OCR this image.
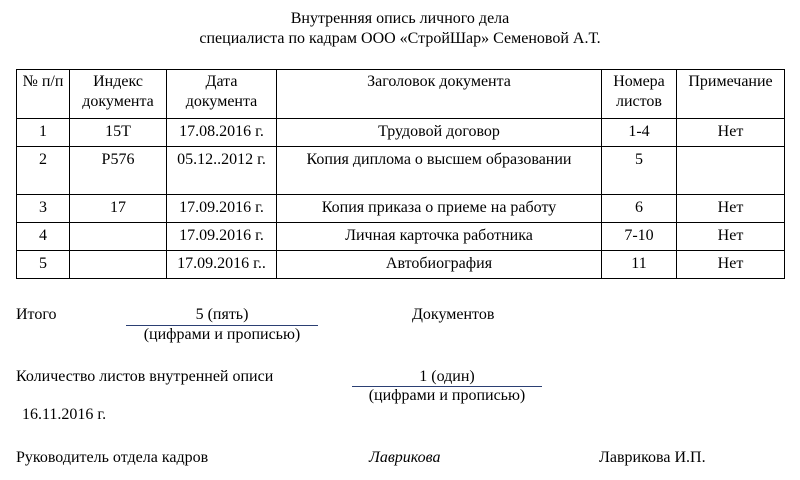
Внутренняя опись личного дела
специалиста по кадрам ООО «СтройШар» Семеновой А.Т.
№ п/п	Индекс документа	Дата документа	Заголовок документа	Номера листов	Примечание
1	15Т	17.08.2016 г.	Трудовой договор	1-4	Нет
2	Р576	05.12..2012 г.	Копия диплома о высшем образовании	5	
3	17	17.09.2016 г.	Копия приказа о приеме на работу	6	Нет
4		17.09.2016 г.	Личная карточка работника	7-10	Нет
5		17.09.2016 г..	Автобиография	11	Нет
Итого	5 (пять)
(цифрами и прописью)
Документов
Количество листов внутренней описи	1 (один)
(цифрами и прописью)
16.11.2016 г.
Руководитель отдела кадров	Лаврикова	Лаврикова И.П.
